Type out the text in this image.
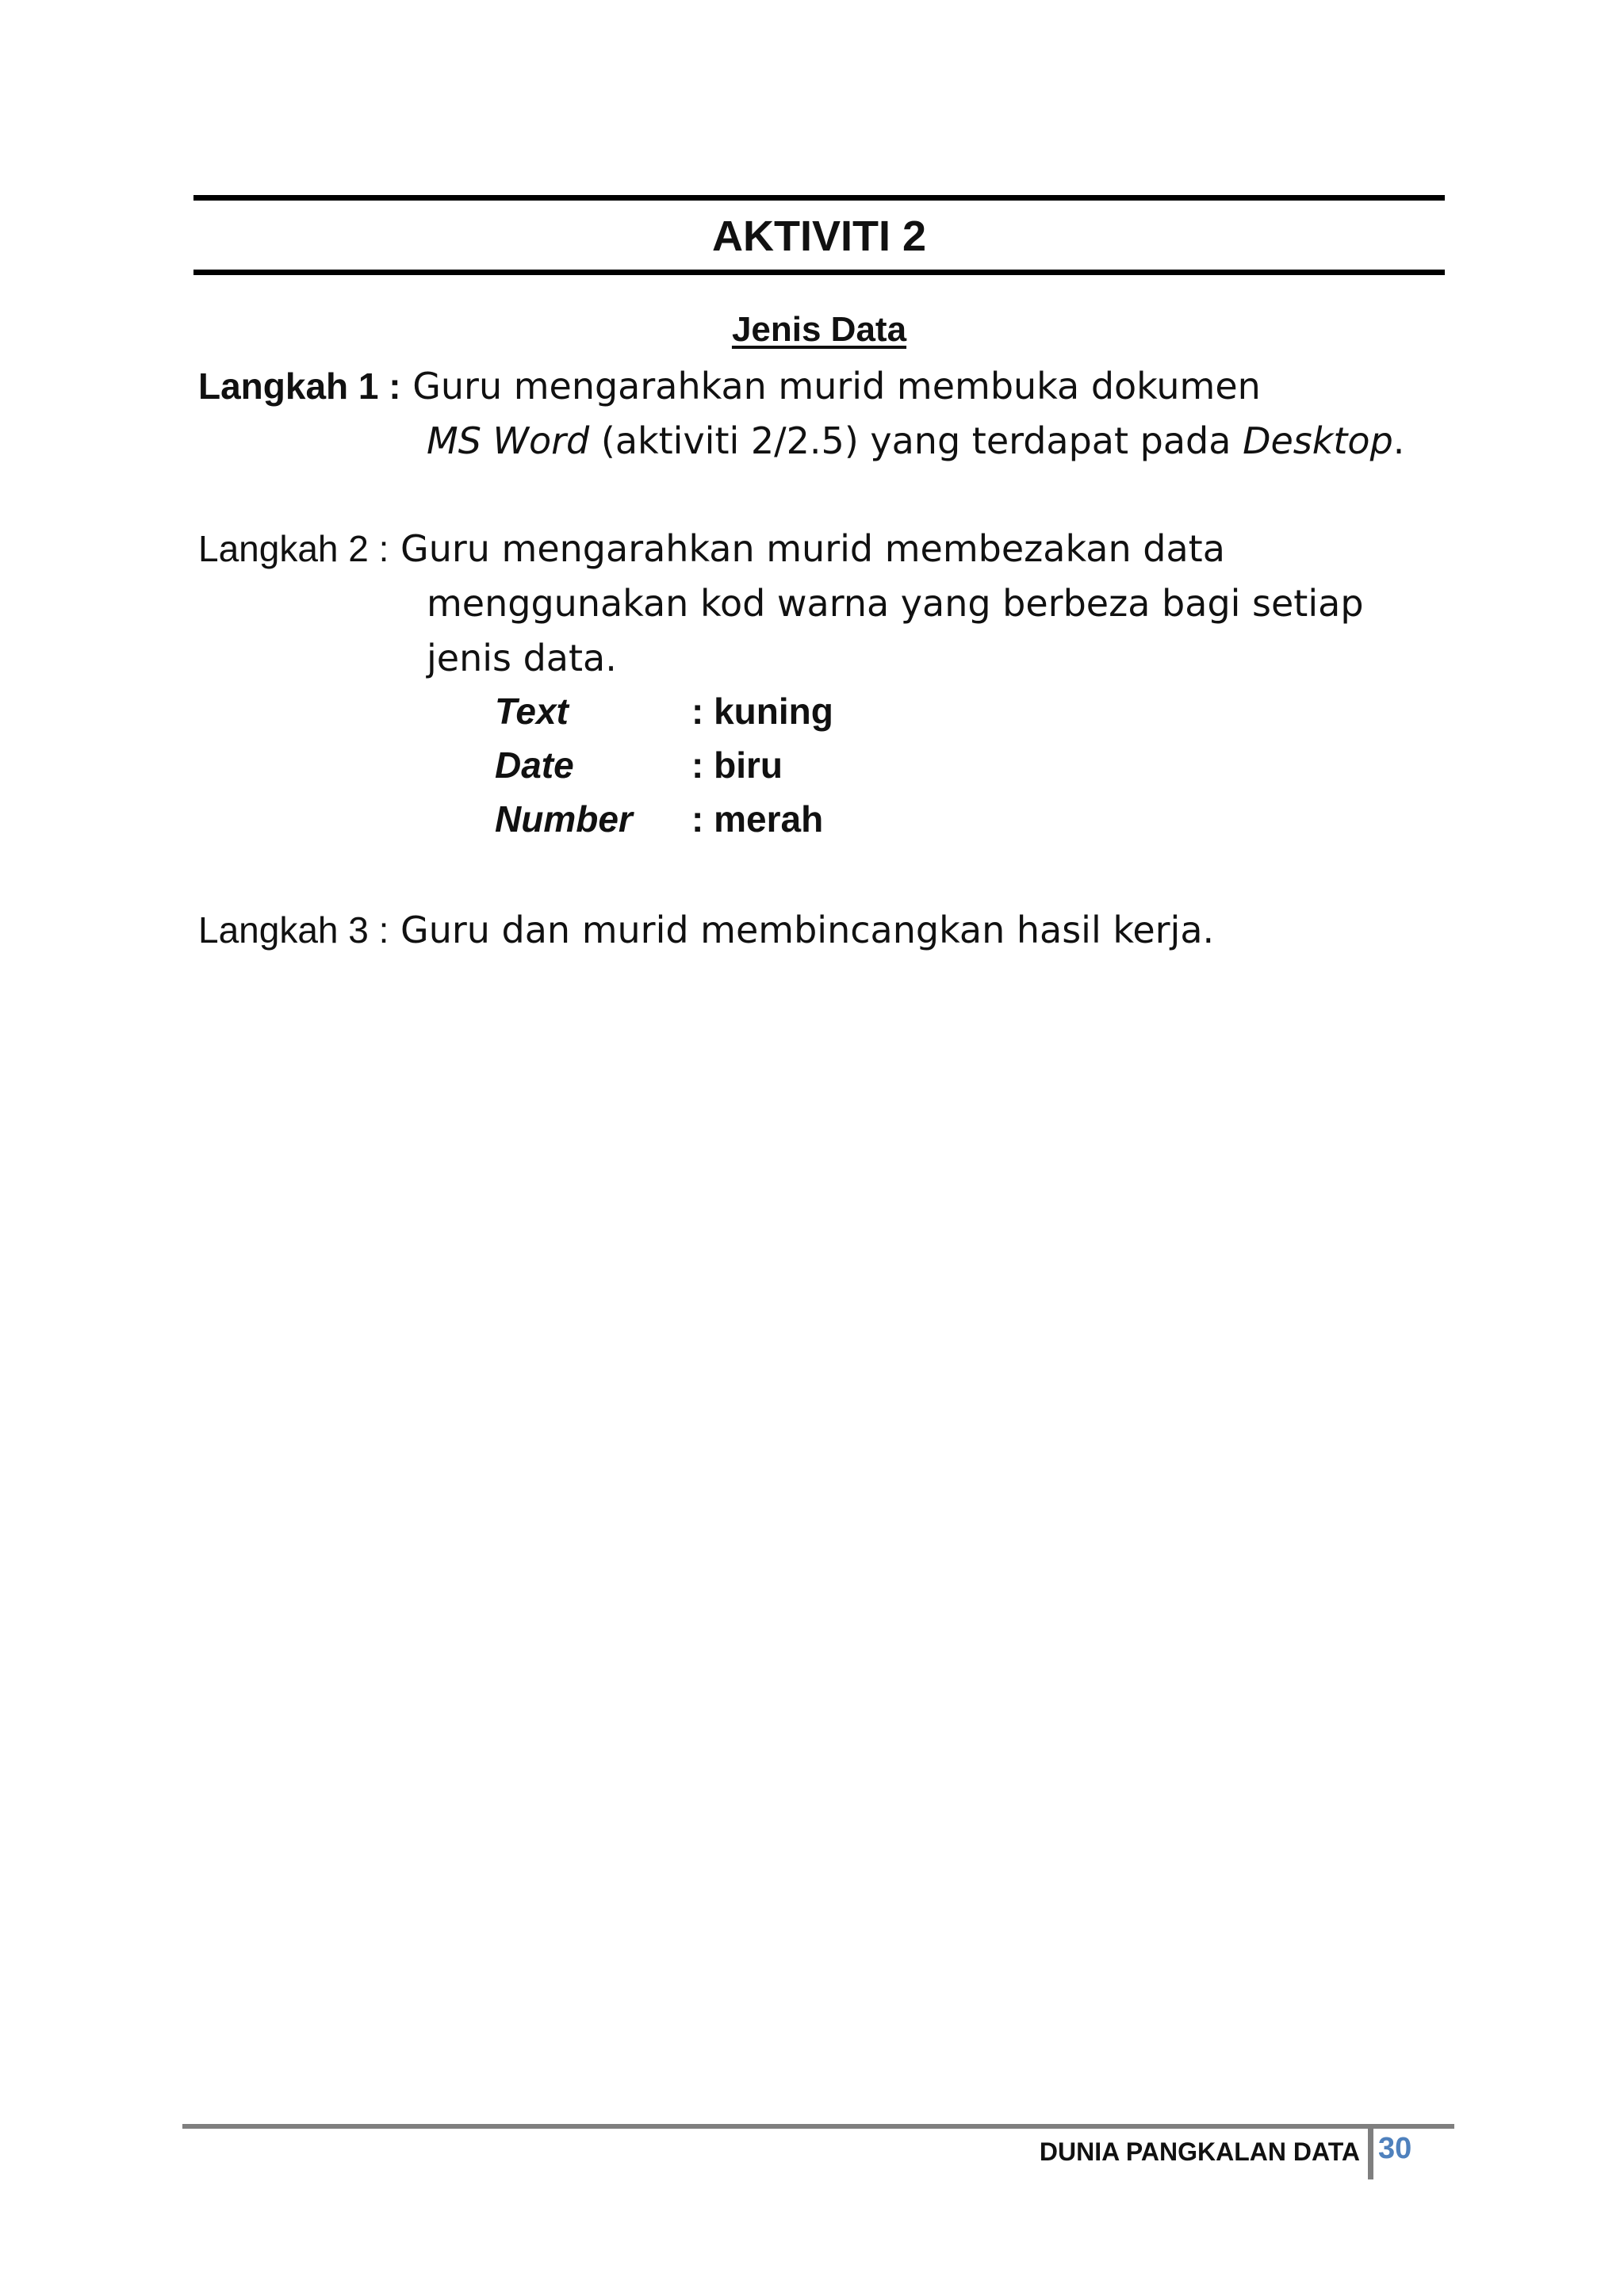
AKTIVITI 2
Jenis Data
Langkah 1 : Guru mengarahkan murid membuka dokumen
MS Word (aktiviti 2/2.5) yang terdapat pada Desktop.
Langkah 2 : Guru mengarahkan murid membezakan data
menggunakan kod warna yang berbeza bagi setiap
jenis data.
Text	: kuning
Date	: biru
Number : merah
Langkah 3 : Guru dan murid membincangkan hasil kerja.
DUNIA PANGKALAN DATA 30
